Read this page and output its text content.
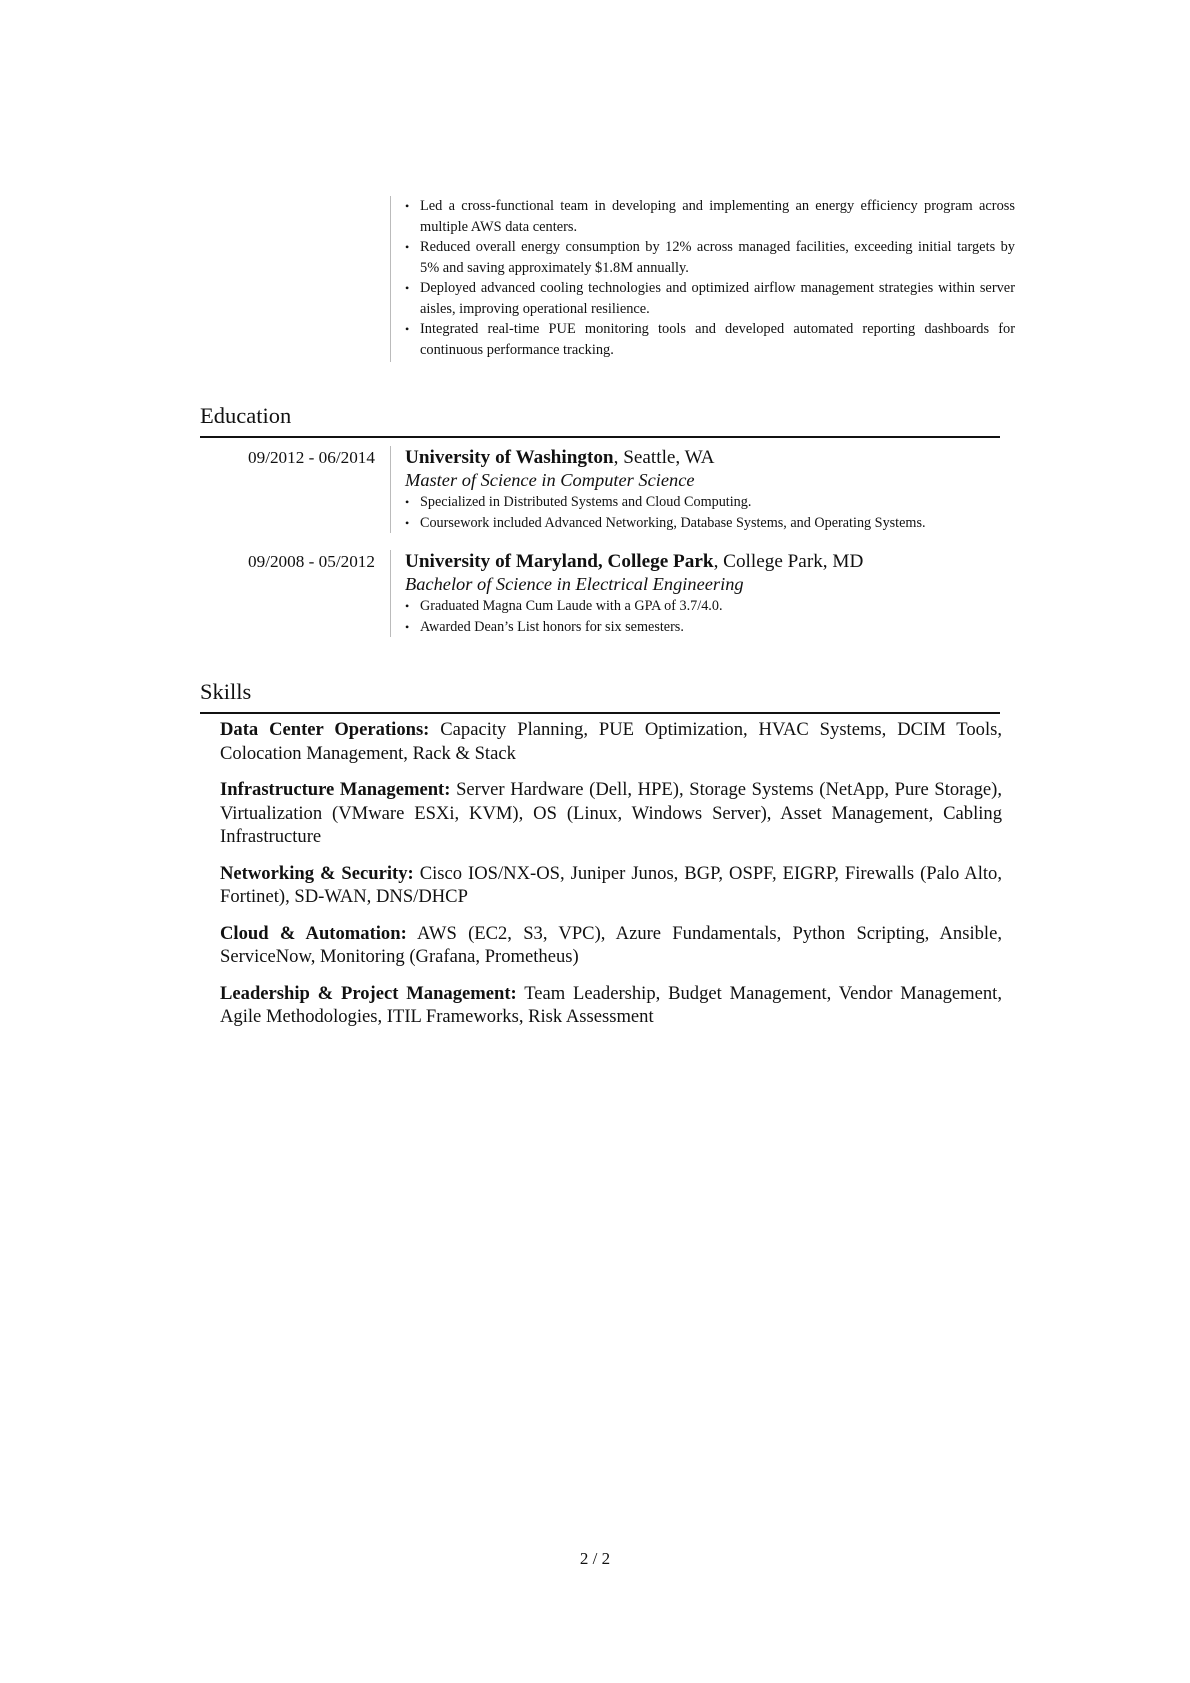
• Led a cross-functional team in developing and implementing an energy efficiency program across multiple AWS data centers.
• Reduced overall energy consumption by 12% across managed facilities, exceeding initial targets by 5% and saving approximately $1.8M annually.
• Deployed advanced cooling technologies and optimized airflow management strategies within server aisles, improving operational resilience.
• Integrated real-time PUE monitoring tools and developed automated reporting dashboards for continuous performance tracking.
Education
09/2012 - 06/2014 University of Washington, Seattle, WA
Master of Science in Computer Science
• Specialized in Distributed Systems and Cloud Computing.
• Coursework included Advanced Networking, Database Systems, and Operating Systems.
09/2008 - 05/2012 University of Maryland, College Park, College Park, MD
Bachelor of Science in Electrical Engineering
• Graduated Magna Cum Laude with a GPA of 3.7/4.0.
• Awarded Dean’s List honors for six semesters.
Skills

Data Center Operations: Capacity Planning, PUE Optimization, HVAC Systems, DCIM Tools, Colocation Management, Rack & Stack

Infrastructure Management: Server Hardware (Dell, HPE), Storage Systems (NetApp, Pure Storage), Virtualization (VMware ESXi, KVM), OS (Linux, Windows Server), Asset Management, Cabling Infrastructure

Networking & Security: Cisco IOS/NX-OS, Juniper Junos, BGP, OSPF, EIGRP, Firewalls (Palo Alto, Fortinet), SD-WAN, DNS/DHCP

Cloud & Automation: AWS (EC2, S3, VPC), Azure Fundamentals, Python Scripting, Ansible, ServiceNow, Monitoring (Grafana, Prometheus)

Leadership & Project Management: Team Leadership, Budget Management, Vendor Management, Agile Methodologies, ITIL Frameworks, Risk Assessment

2 / 2
